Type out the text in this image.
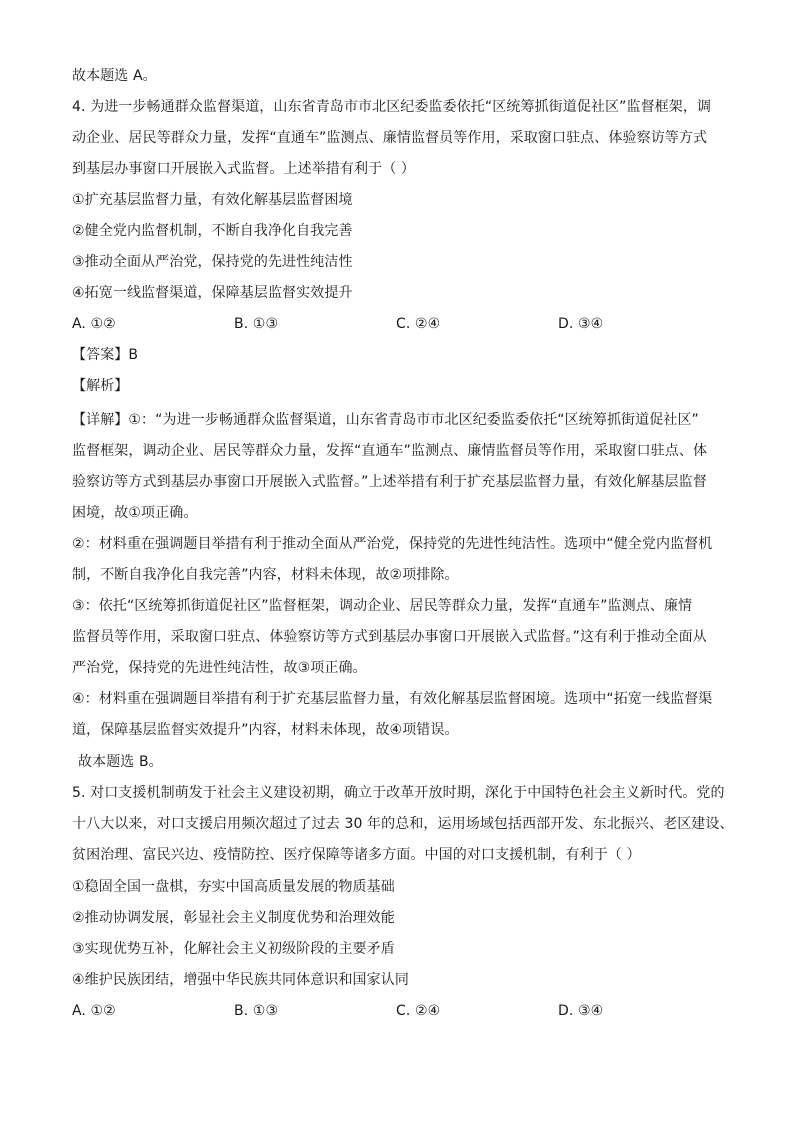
故本题选 A。
4. 为进一步畅通群众监督渠道，山东省青岛市市北区纪委监委依托“区统筹抓街道促社区”监督框架，调
动企业、居民等群众力量，发挥“直通车”监测点、廉情监督员等作用，采取窗口驻点、体验察访等方式
到基层办事窗口开展嵌入式监督。上述举措有利于（ ）
①扩充基层监督力量，有效化解基层监督困境
②健全党内监督机制，不断自我净化自我完善
③推动全面从严治党，保持党的先进性纯洁性
④拓宽一线监督渠道，保障基层监督实效提升
A. ①②	B. ①③	C. ②④	D. ③④
【答案】B
【解析】
【详解】①：“为进一步畅通群众监督渠道，山东省青岛市市北区纪委监委依托“区统筹抓街道促社区”
监督框架，调动企业、居民等群众力量，发挥“直通车”监测点、廉情监督员等作用，采取窗口驻点、体
验察访等方式到基层办事窗口开展嵌入式监督。”上述举措有利于扩充基层监督力量，有效化解基层监督
困境，故①项正确。
②：材料重在强调题目举措有利于推动全面从严治党，保持党的先进性纯洁性。选项中“健全党内监督机
制，不断自我净化自我完善”内容，材料未体现，故②项排除。
③：依托“区统筹抓街道促社区”监督框架，调动企业、居民等群众力量，发挥“直通车”监测点、廉情
监督员等作用，采取窗口驻点、体验察访等方式到基层办事窗口开展嵌入式监督。”这有利于推动全面从
严治党，保持党的先进性纯洁性，故③项正确。
④：材料重在强调题目举措有利于扩充基层监督力量，有效化解基层监督困境。选项中“拓宽一线监督渠
道，保障基层监督实效提升”内容，材料未体现，故④项错误。
故本题选 B。
5. 对口支援机制萌发于社会主义建设初期，确立于改革开放时期，深化于中国特色社会主义新时代。党的
十八大以来，对口支援启用频次超过了过去 30 年的总和，运用场域包括西部开发、东北振兴、老区建设、
贫困治理、富民兴边、疫情防控、医疗保障等诸多方面。中国的对口支援机制，有利于（ ）
①稳固全国一盘棋，夯实中国高质量发展的物质基础
②推动协调发展，彰显社会主义制度优势和治理效能
③实现优势互补，化解社会主义初级阶段的主要矛盾
④维护民族团结，增强中华民族共同体意识和国家认同
A. ①②	B. ①③	C. ②④	D. ③④
